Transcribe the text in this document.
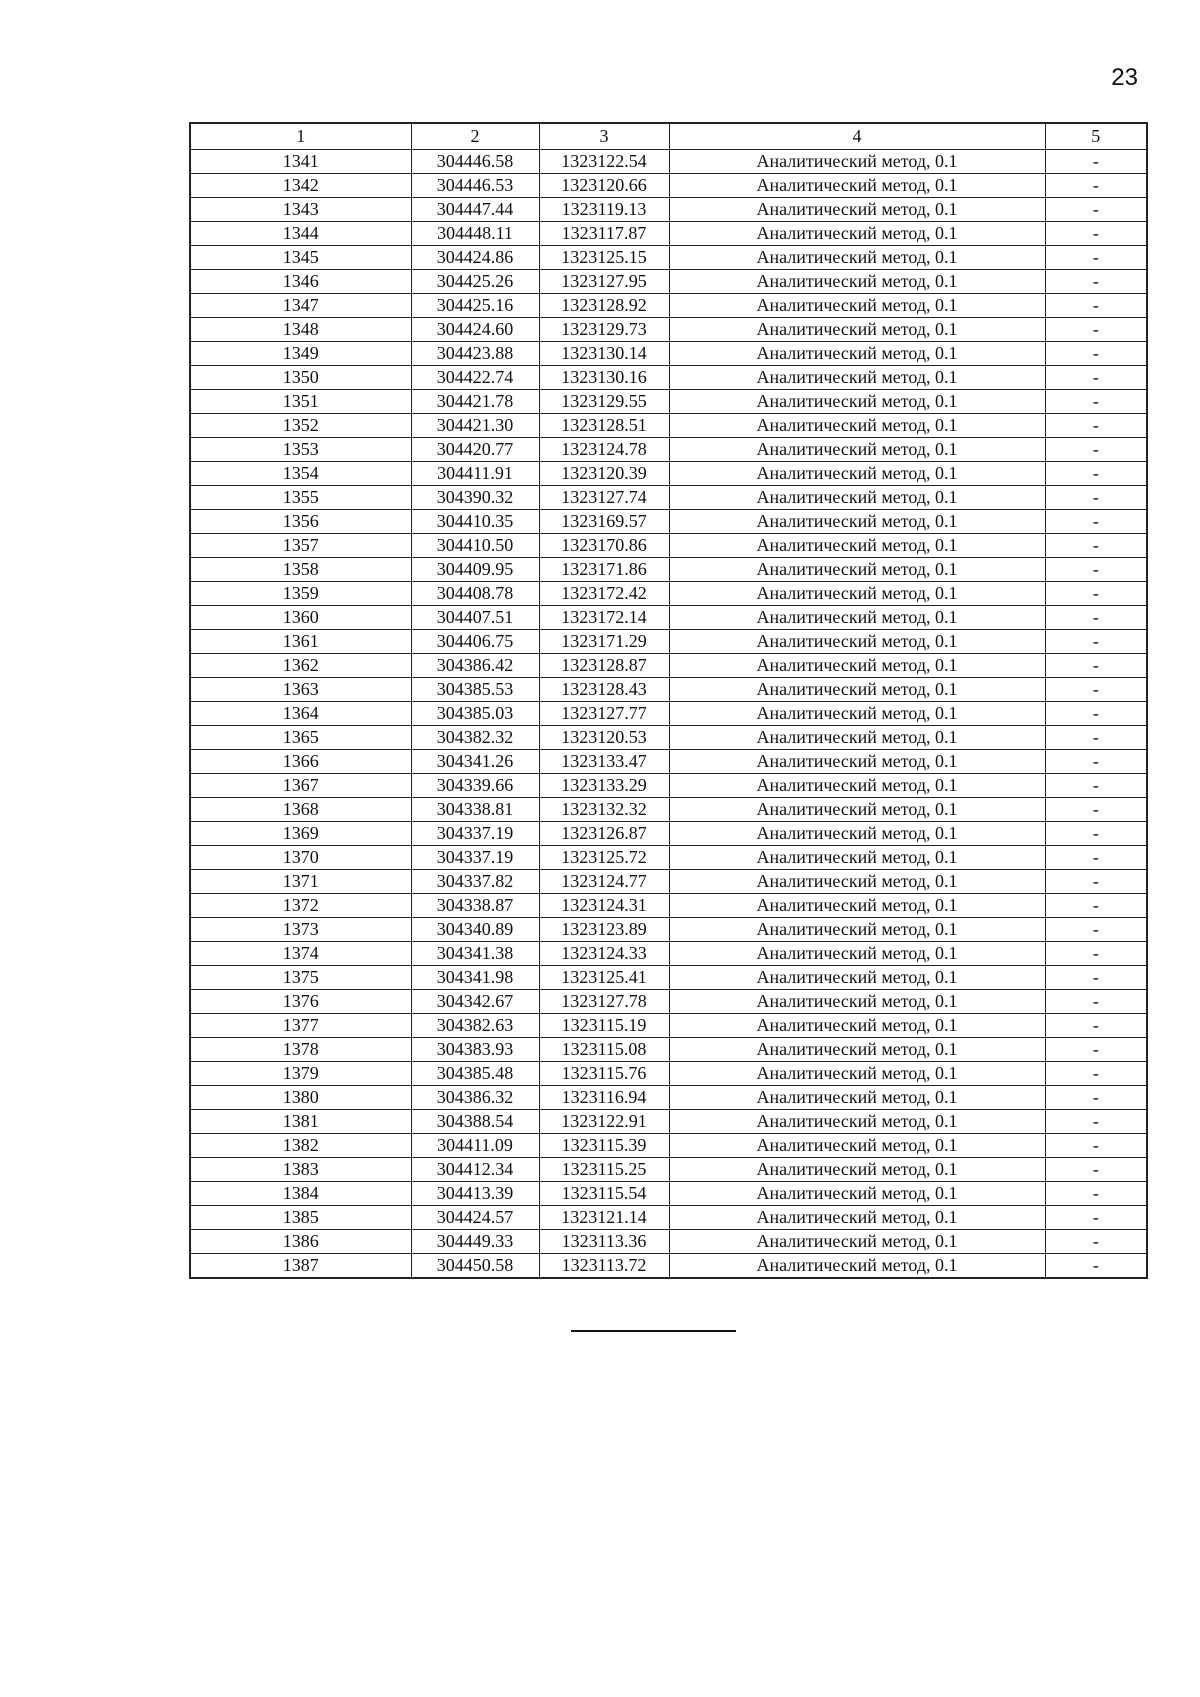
23
1	2	3	4	5
1341	304446.58	1323122.54	Аналитический метод, 0.1	-
1342	304446.53	1323120.66	Аналитический метод, 0.1	-
1343	304447.44	1323119.13	Аналитический метод, 0.1	-
1344	304448.11	1323117.87	Аналитический метод, 0.1	-
1345	304424.86	1323125.15	Аналитический метод, 0.1	-
1346	304425.26	1323127.95	Аналитический метод, 0.1	-
1347	304425.16	1323128.92	Аналитический метод, 0.1	-
1348	304424.60	1323129.73	Аналитический метод, 0.1	-
1349	304423.88	1323130.14	Аналитический метод, 0.1	-
1350	304422.74	1323130.16	Аналитический метод, 0.1	-
1351	304421.78	1323129.55	Аналитический метод, 0.1	-
1352	304421.30	1323128.51	Аналитический метод, 0.1	-
1353	304420.77	1323124.78	Аналитический метод, 0.1	-
1354	304411.91	1323120.39	Аналитический метод, 0.1	-
1355	304390.32	1323127.74	Аналитический метод, 0.1	-
1356	304410.35	1323169.57	Аналитический метод, 0.1	-
1357	304410.50	1323170.86	Аналитический метод, 0.1	-
1358	304409.95	1323171.86	Аналитический метод, 0.1	-
1359	304408.78	1323172.42	Аналитический метод, 0.1	-
1360	304407.51	1323172.14	Аналитический метод, 0.1	-
1361	304406.75	1323171.29	Аналитический метод, 0.1	-
1362	304386.42	1323128.87	Аналитический метод, 0.1	-
1363	304385.53	1323128.43	Аналитический метод, 0.1	-
1364	304385.03	1323127.77	Аналитический метод, 0.1	-
1365	304382.32	1323120.53	Аналитический метод, 0.1	-
1366	304341.26	1323133.47	Аналитический метод, 0.1	-
1367	304339.66	1323133.29	Аналитический метод, 0.1	-
1368	304338.81	1323132.32	Аналитический метод, 0.1	-
1369	304337.19	1323126.87	Аналитический метод, 0.1	-
1370	304337.19	1323125.72	Аналитический метод, 0.1	-
1371	304337.82	1323124.77	Аналитический метод, 0.1	-
1372	304338.87	1323124.31	Аналитический метод, 0.1	-
1373	304340.89	1323123.89	Аналитический метод, 0.1	-
1374	304341.38	1323124.33	Аналитический метод, 0.1	-
1375	304341.98	1323125.41	Аналитический метод, 0.1	-
1376	304342.67	1323127.78	Аналитический метод, 0.1	-
1377	304382.63	1323115.19	Аналитический метод, 0.1	-
1378	304383.93	1323115.08	Аналитический метод, 0.1	-
1379	304385.48	1323115.76	Аналитический метод, 0.1	-
1380	304386.32	1323116.94	Аналитический метод, 0.1	-
1381	304388.54	1323122.91	Аналитический метод, 0.1	-
1382	304411.09	1323115.39	Аналитический метод, 0.1	-
1383	304412.34	1323115.25	Аналитический метод, 0.1	-
1384	304413.39	1323115.54	Аналитический метод, 0.1	-
1385	304424.57	1323121.14	Аналитический метод, 0.1	-
1386	304449.33	1323113.36	Аналитический метод, 0.1	-
1387	304450.58	1323113.72	Аналитический метод, 0.1	-
